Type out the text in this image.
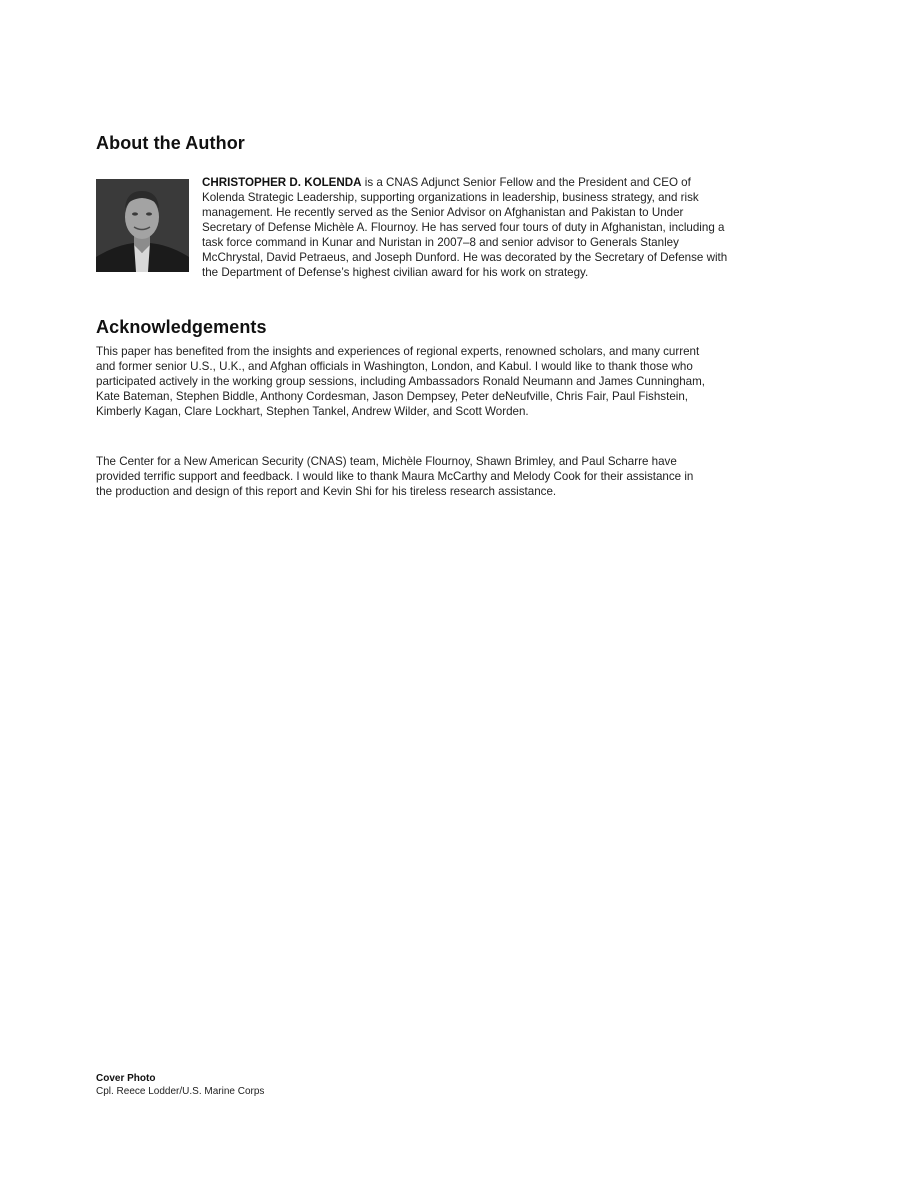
About the Author

CHRISTOPHER D. KOLENDA is a CNAS Adjunct Senior Fellow and the President and CEO of Kolenda Strategic Leadership, supporting organizations in leadership, business strategy, and risk management. He recently served as the Senior Advisor on Afghanistan and Pakistan to Under Secretary of Defense Michèle A. Flournoy. He has served four tours of duty in Afghanistan, including a task force command in Kunar and Nuristan in 2007–8 and senior advisor to Generals Stanley McChrystal, David Petraeus, and Joseph Dunford. He was decorated by the Secretary of Defense with the Department of Defense’s highest civilian award for his work on strategy.

Acknowledgements

This paper has benefited from the insights and experiences of regional experts, renowned scholars, and many current and former senior U.S., U.K., and Afghan officials in Washington, London, and Kabul. I would like to thank those who participated actively in the working group sessions, including Ambassadors Ronald Neumann and James Cunningham, Kate Bateman, Stephen Biddle, Anthony Cordesman, Jason Dempsey, Peter deNeufville, Chris Fair, Paul Fishstein, Kimberly Kagan, Clare Lockhart, Stephen Tankel, Andrew Wilder, and Scott Worden.

The Center for a New American Security (CNAS) team, Michèle Flournoy, Shawn Brimley, and Paul Scharre have provided terrific support and feedback. I would like to thank Maura McCarthy and Melody Cook for their assistance in the production and design of this report and Kevin Shi for his tireless research assistance.

Cover Photo

Cpl. Reece Lodder/U.S. Marine Corps
